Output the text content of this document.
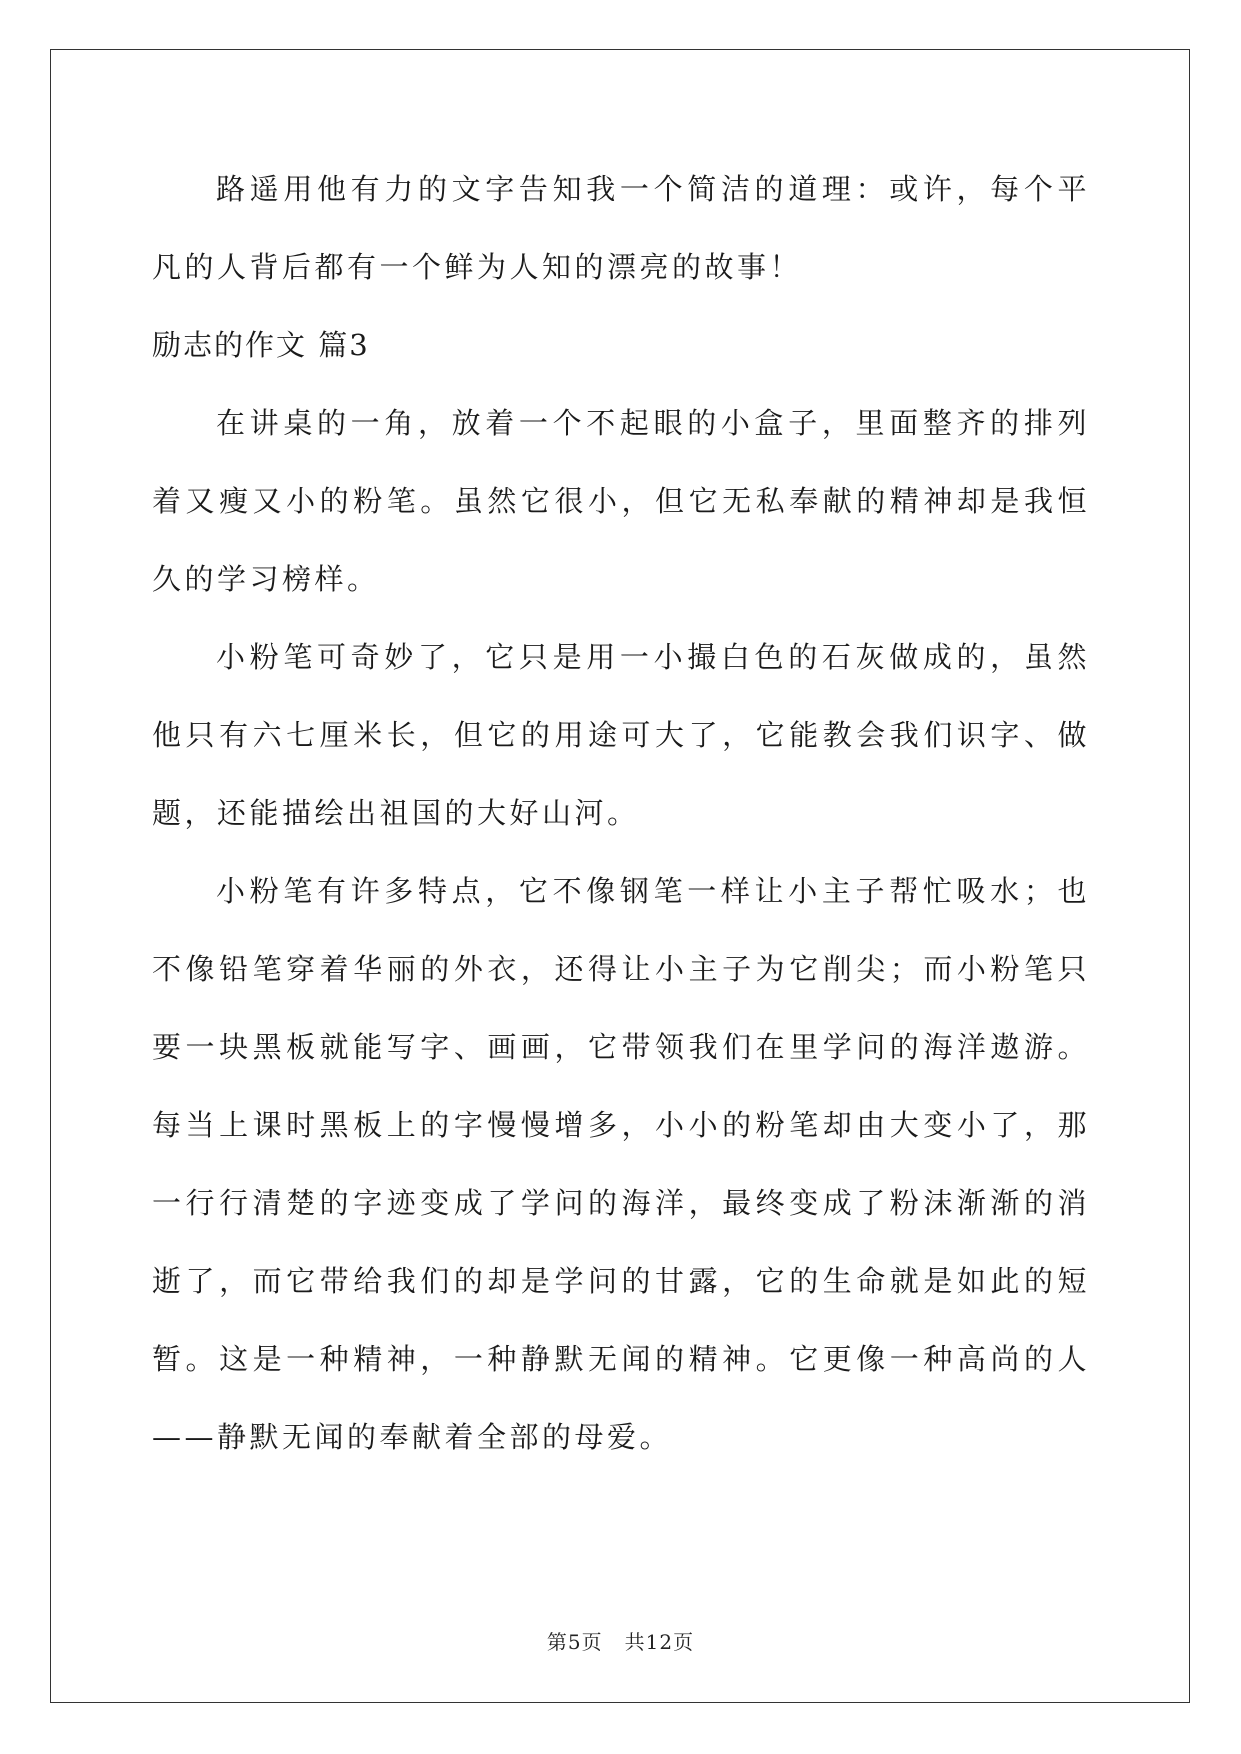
路遥用他有力的文字告知我一个简洁的道理：或许，每个平凡的人背后都有一个鲜为人知的漂亮的故事！

励志的作文 篇3

在讲桌的一角，放着一个不起眼的小盒子，里面整齐的排列着又瘦又小的粉笔。虽然它很小，但它无私奉献的精神却是我恒久的学习榜样。

小粉笔可奇妙了，它只是用一小撮白色的石灰做成的，虽然他只有六七厘米长，但它的用途可大了，它能教会我们识字、做题，还能描绘出祖国的大好山河。

小粉笔有许多特点，它不像钢笔一样让小主子帮忙吸水；也不像铅笔穿着华丽的外衣，还得让小主子为它削尖；而小粉笔只要一块黑板就能写字、画画，它带领我们在里学问的海洋遨游。每当上课时黑板上的字慢慢增多，小小的粉笔却由大变小了，那一行行清楚的字迹变成了学问的海洋，最终变成了粉沫渐渐的消逝了，而它带给我们的却是学问的甘露，它的生命就是如此的短暂。这是一种精神，一种静默无闻的精神。它更像一种高尚的人——静默无闻的奉献着全部的母爱。

第5页 共12页
